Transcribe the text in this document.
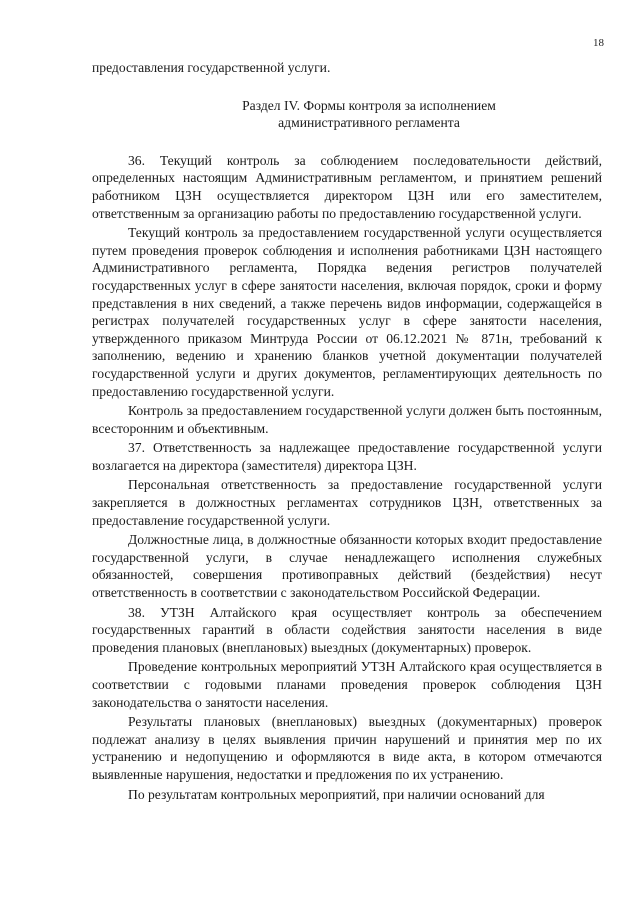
18

предоставления государственной услуги.

Раздел IV. Формы контроля за исполнением
административного регламента

36. Текущий контроль за соблюдением последовательности действий, определенных настоящим Административным регламентом, и принятием решений работником ЦЗН осуществляется директором ЦЗН или его заместителем, ответственным за организацию работы по предоставлению государственной услуги.

Текущий контроль за предоставлением государственной услуги осуществляется путем проведения проверок соблюдения и исполнения работниками ЦЗН настоящего Административного регламента, Порядка ведения регистров получателей государственных услуг в сфере занятости населения, включая порядок, сроки и форму представления в них сведений, а также перечень видов информации, содержащейся в регистрах получателей государственных услуг в сфере занятости населения, утвержденного приказом Минтруда России от 06.12.2021 № 871н, требований к заполнению, ведению и хранению бланков учетной документации получателей государственной услуги и других документов, регламентирующих деятельность по предоставлению государственной услуги.

Контроль за предоставлением государственной услуги должен быть постоянным, всесторонним и объективным.

37. Ответственность за надлежащее предоставление государственной услуги возлагается на директора (заместителя) директора ЦЗН.

Персональная ответственность за предоставление государственной услуги закрепляется в должностных регламентах сотрудников ЦЗН, ответственных за предоставление государственной услуги.

Должностные лица, в должностные обязанности которых входит предоставление государственной услуги, в случае ненадлежащего исполнения служебных обязанностей, совершения противоправных действий (бездействия) несут ответственность в соответствии с законодательством Российской Федерации.

38. УТЗН Алтайского края осуществляет контроль за обеспечением государственных гарантий в области содействия занятости населения в виде проведения плановых (внеплановых) выездных (документарных) проверок.

Проведение контрольных мероприятий УТЗН Алтайского края осуществляется в соответствии с годовыми планами проведения проверок соблюдения ЦЗН законодательства о занятости населения.

Результаты плановых (внеплановых) выездных (документарных) проверок подлежат анализу в целях выявления причин нарушений и принятия мер по их устранению и недопущению и оформляются в виде акта, в котором отмечаются выявленные нарушения, недостатки и предложения по их устранению.

По результатам контрольных мероприятий, при наличии оснований для
